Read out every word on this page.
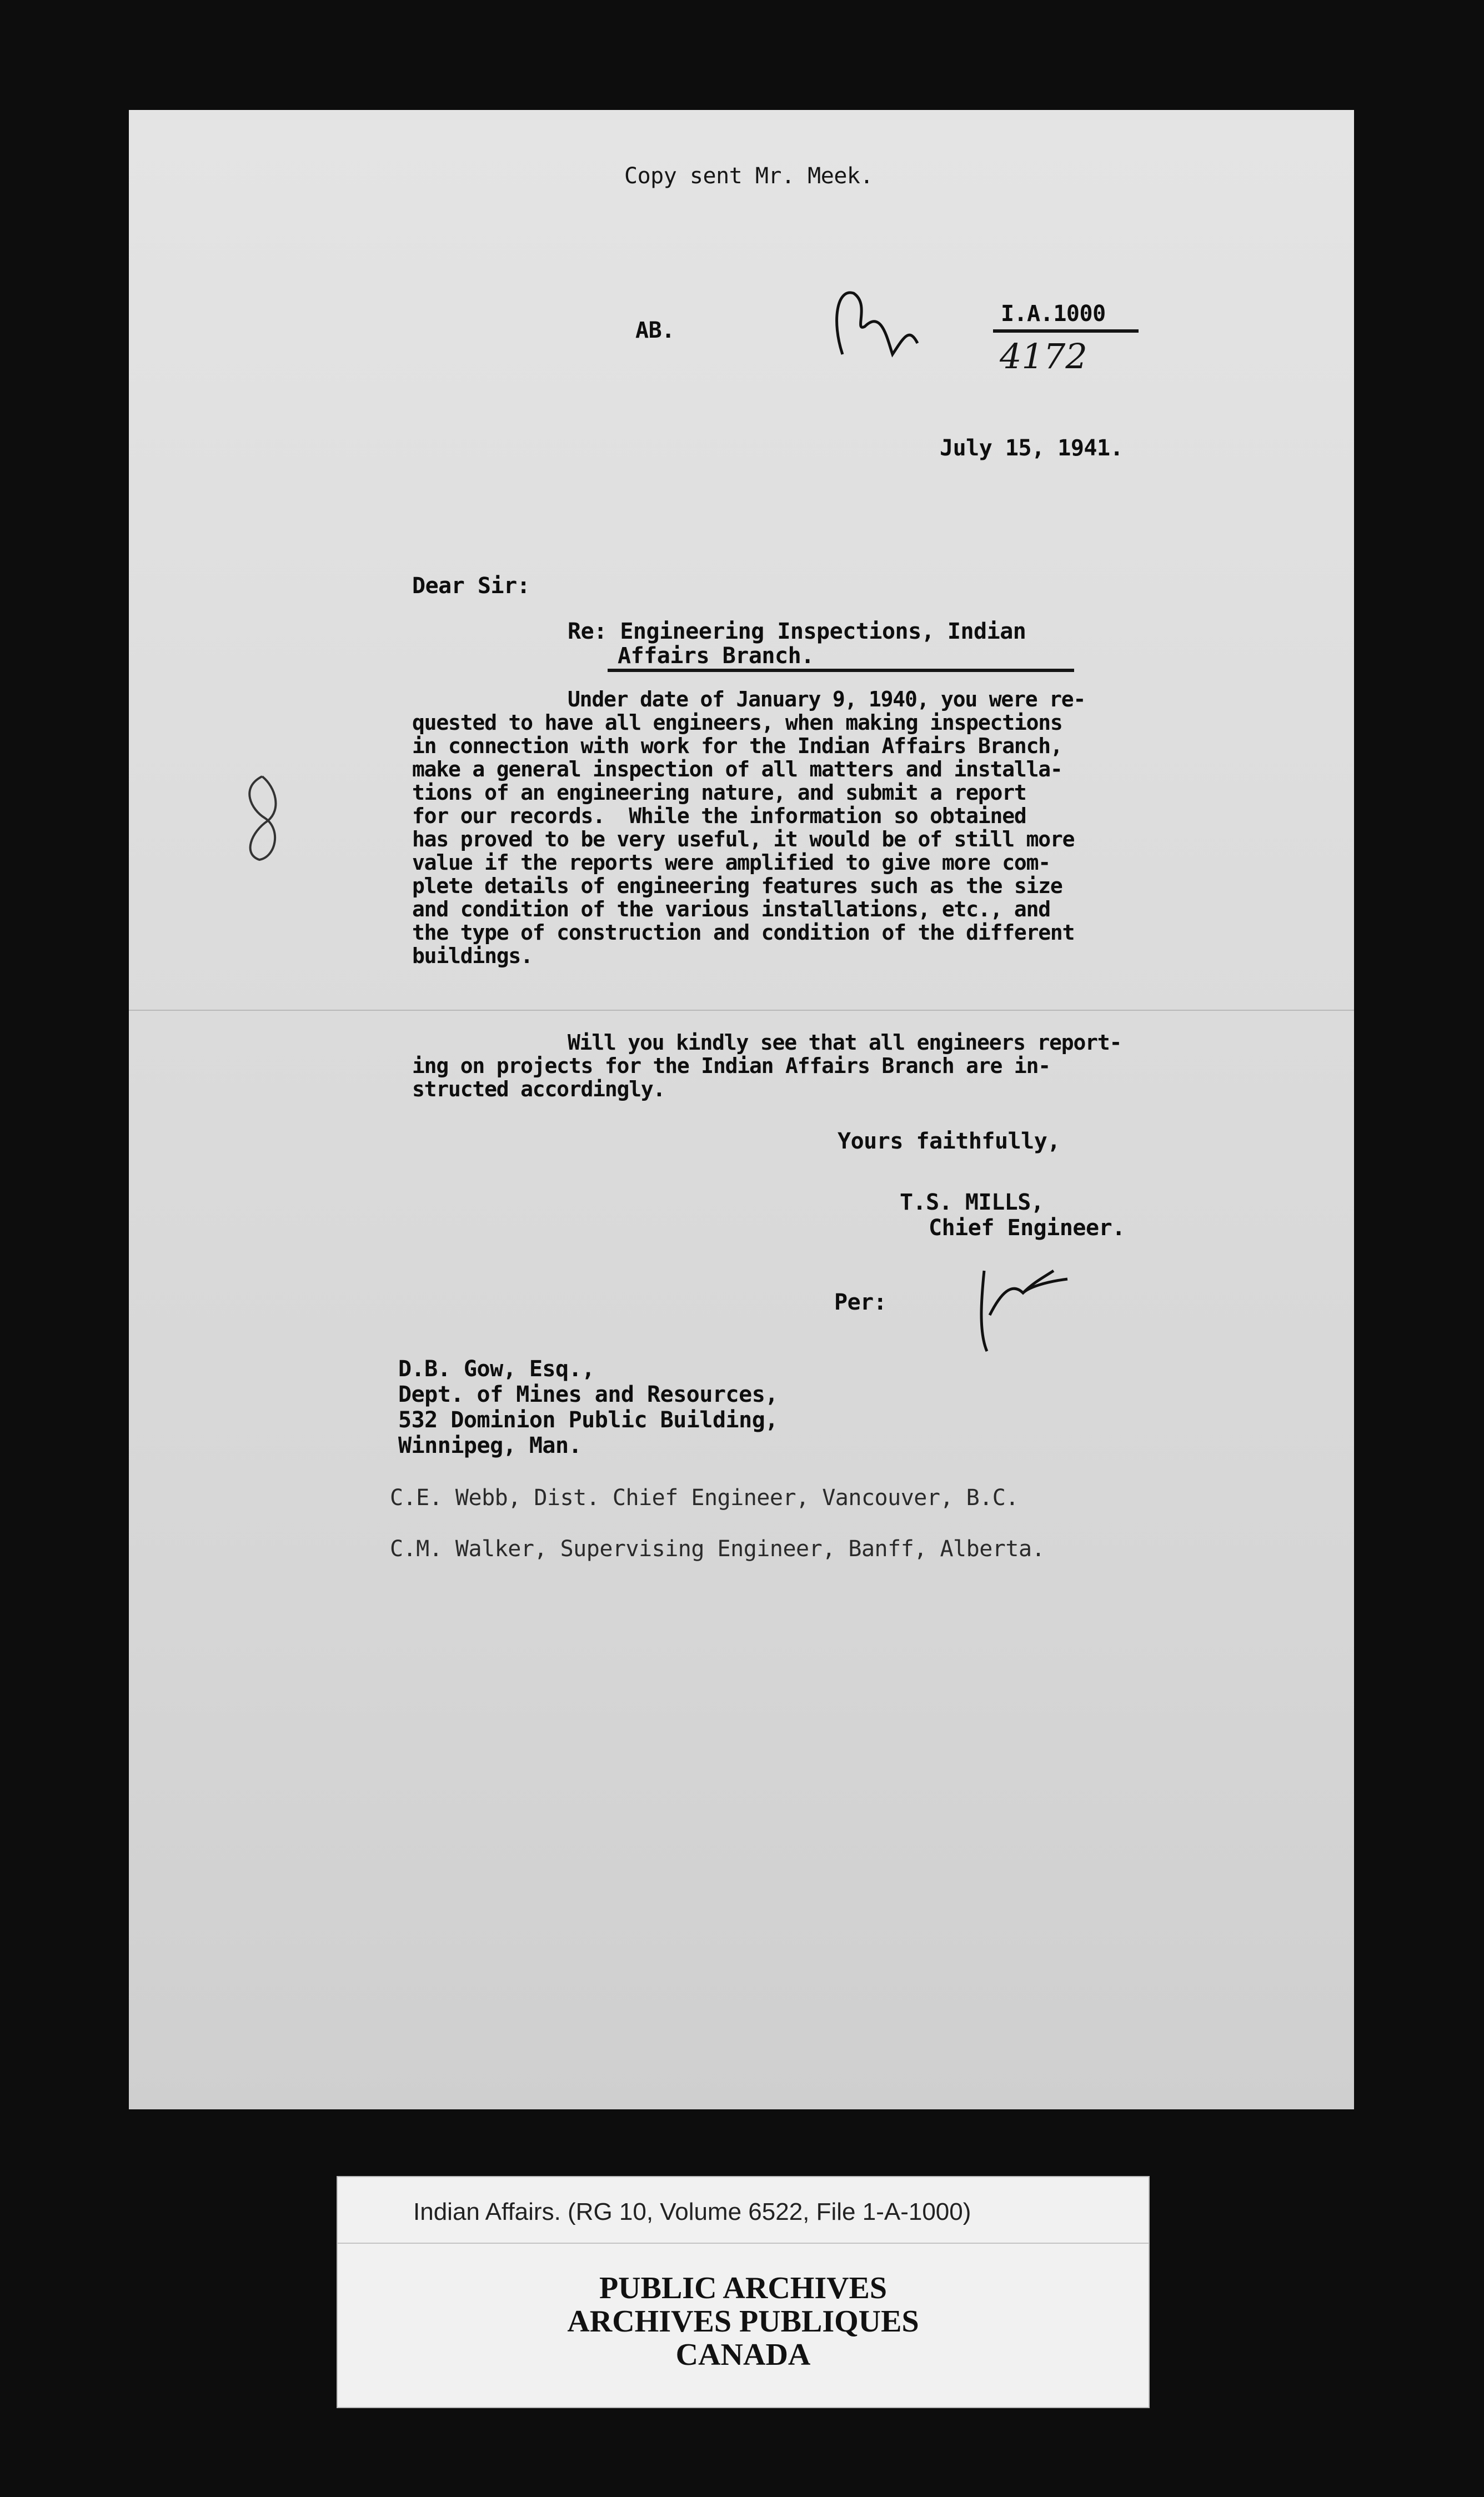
Copy sent Mr. Meek.
AB.
I.A.1000
4172
July 15, 1941.
Dear Sir:
Re: Engineering Inspections, Indian
Affairs Branch.
Under date of January 9, 1940, you were re-
quested to have all engineers, when making inspections
in connection with work for the Indian Affairs Branch,
make a general inspection of all matters and installa-
tions of an engineering nature, and submit a report
for our records.  While the information so obtained
has proved to be very useful, it would be of still more
value if the reports were amplified to give more com-
plete details of engineering features such as the size
and condition of the various installations, etc., and
the type of construction and condition of the different
buildings.
Will you kindly see that all engineers report-
ing on projects for the Indian Affairs Branch are in-
structed accordingly.
Yours faithfully,
T.S. MILLS,
Chief Engineer.
Per:
D.B. Gow, Esq.,
Dept. of Mines and Resources,
532 Dominion Public Building,
Winnipeg, Man.
C.E. Webb, Dist. Chief Engineer, Vancouver, B.C.
C.M. Walker, Supervising Engineer, Banff, Alberta.
Indian Affairs. (RG 10, Volume 6522, File 1-A-1000)
PUBLIC ARCHIVES
ARCHIVES PUBLIQUES
CANADA
